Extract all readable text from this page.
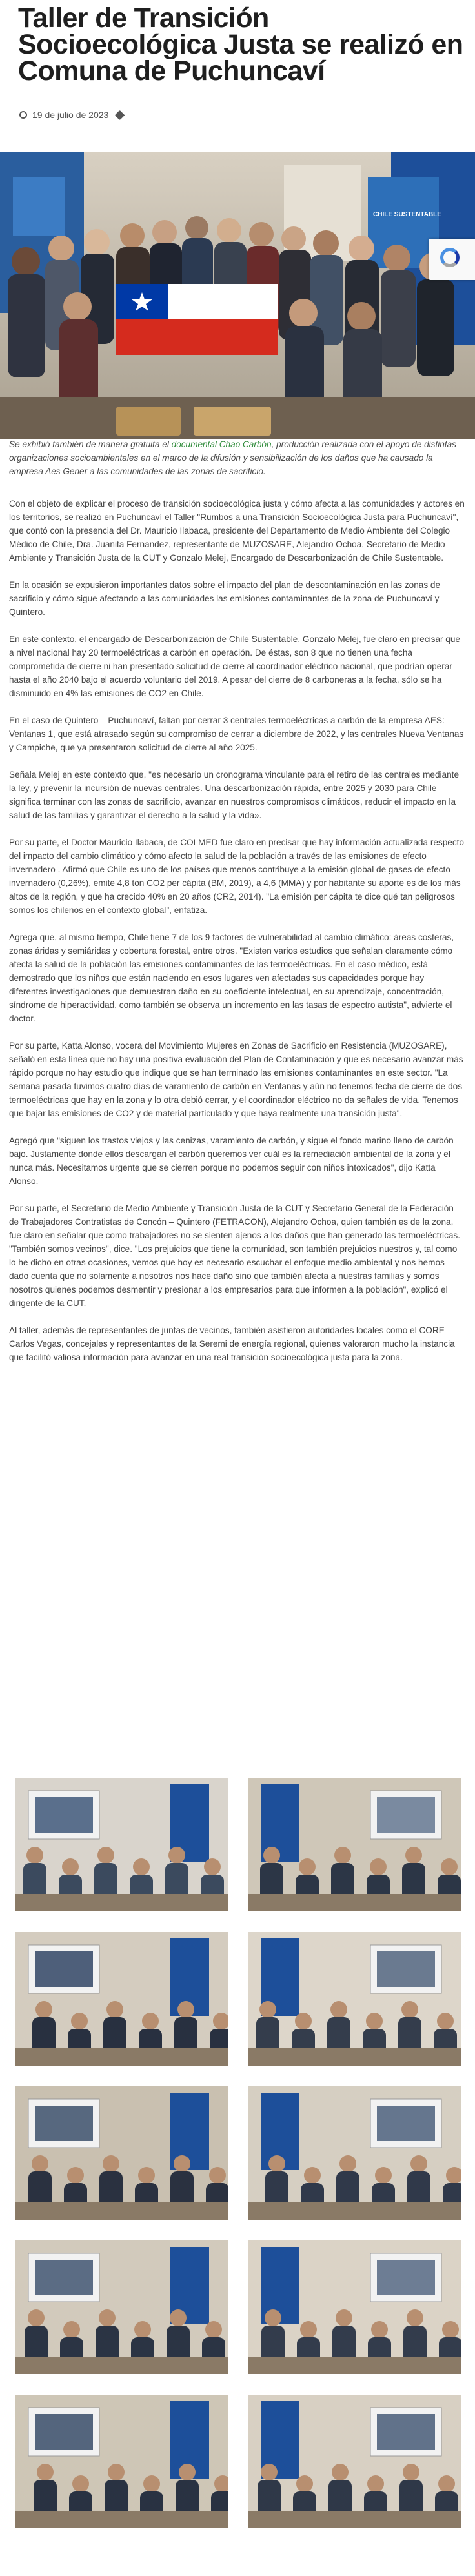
Taller de Transición Socioecológica Justa se realizó en Comuna de Puchuncaví
19 de julio de 2023
CHILE SUSTENTABLE

Se exhibió también de manera gratuita el documental Chao Carbón, producción realizada con el apoyo de distintas organizaciones socioambientales en el marco de la difusión y sensibilización de los daños que ha causado la empresa Aes Gener a las comunidades de las zonas de sacrificio.

Con el objeto de explicar el proceso de transición socioecológica justa y cómo afecta a las comunidades y actores en los territorios, se realizó en Puchuncaví el Taller "Rumbos a una Transición Socioecológica Justa para Puchuncaví", que contó con la presencia del Dr. Mauricio Ilabaca, presidente del Departamento de Medio Ambiente del Colegio Médico de Chile, Dra. Juanita Fernandez, representante de MUZOSARE, Alejandro Ochoa, Secretario de Medio Ambiente y Transición Justa de la CUT y Gonzalo Melej, Encargado de Descarbonización de Chile Sustentable.

En la ocasión se expusieron importantes datos sobre el impacto del plan de descontaminación en las zonas de sacrificio y cómo sigue afectando a las comunidades las emisiones contaminantes de la zona de Puchuncaví y Quintero.

En este contexto, el encargado de Descarbonización de Chile Sustentable, Gonzalo Melej, fue claro en precisar que a nivel nacional hay 20 termoeléctricas a carbón en operación. De éstas, son 8 que no tienen una fecha comprometida de cierre ni han presentado solicitud de cierre al coordinador eléctrico nacional, que podrían operar hasta el año 2040 bajo el acuerdo voluntario del 2019. A pesar del cierre de 8 carboneras a la fecha, sólo se ha disminuido en 4% las emisiones de CO2 en Chile.

En el caso de Quintero – Puchuncaví, faltan por cerrar 3 centrales termoeléctricas a carbón de la empresa AES: Ventanas 1, que está atrasado según su compromiso de cerrar a diciembre de 2022, y las centrales Nueva Ventanas y Campiche, que ya presentaron solicitud de cierre al año 2025.

Señala Melej en este contexto que, "es necesario un cronograma vinculante para el retiro de las centrales mediante la ley, y prevenir la incursión de nuevas centrales. Una descarbonización rápida, entre 2025 y 2030 para Chile significa terminar con las zonas de sacrificio, avanzar en nuestros compromisos climáticos, reducir el impacto en la salud de las familias y garantizar el derecho a la salud y la vida».

Por su parte, el Doctor Mauricio Ilabaca, de COLMED fue claro en precisar que hay información actualizada respecto del impacto del cambio climático y cómo afecto la salud de la población a través de las emisiones de efecto invernadero . Afirmó que Chile es uno de los países que menos contribuye a la emisión global de gases de efecto invernadero (0,26%), emite 4,8 ton CO2 per cápita (BM, 2019), a 4,6 (MMA) y por habitante su aporte es de los más altos de la región, y que ha crecido 40% en 20 años (CR2, 2014). "La emisión per cápita te dice qué tan peligrosos somos los chilenos en el contexto global", enfatiza.

Agrega que, al mismo tiempo, Chile tiene 7 de los 9 factores de vulnerabilidad al cambio climático: áreas costeras, zonas áridas y semiáridas y cobertura forestal, entre otros. "Existen varios estudios que señalan claramente cómo afecta la salud de la población las emisiones contaminantes de las termoeléctricas. En el caso médico, está demostrado que los niños que están naciendo en esos lugares ven afectadas sus capacidades porque hay diferentes investigaciones que demuestran daño en su coeficiente intelectual, en su aprendizaje, concentración, síndrome de hiperactividad, como también se observa un incremento en las tasas de espectro autista", advierte el doctor.

Por su parte, Katta Alonso, vocera del Movimiento Mujeres en Zonas de Sacrificio en Resistencia (MUZOSARE), señaló en esta línea que no hay una positiva evaluación del Plan de Contaminación y que es necesario avanzar más rápido porque no hay estudio que indique que se han terminado las emisiones contaminantes en este sector. "La semana pasada tuvimos cuatro días de varamiento de carbón en Ventanas y aún no tenemos fecha de cierre de dos termoeléctricas que hay en la zona y lo otra debió cerrar, y el coordinador eléctrico no da señales de vida. Tenemos que bajar las emisiones de CO2 y de material particulado y que haya realmente una transición justa".

Agregó que "siguen los trastos viejos y las cenizas, varamiento de carbón, y sigue el fondo marino lleno de carbón bajo. Justamente donde ellos descargan el carbón queremos ver cuál es la remediación ambiental de la zona y el nunca más. Necesitamos urgente que se cierren porque no podemos seguir con niños intoxicados", dijo Katta Alonso.

Por su parte, el Secretario de Medio Ambiente y Transición Justa de la CUT y Secretario General de la Federación de Trabajadores Contratistas de Concón – Quintero (FETRACON), Alejandro Ochoa, quien también es de la zona, fue claro en señalar que como trabajadores no se sienten ajenos a los daños que han generado las termoeléctricas. "También somos vecinos", dice. "Los prejuicios que tiene la comunidad, son también prejuicios nuestros y, tal como lo he dicho en otras ocasiones, vemos que hoy es necesario escuchar el enfoque medio ambiental y nos hemos dado cuenta que no solamente a nosotros nos hace daño sino que también afecta a nuestras familias y somos nosotros quienes podemos desmentir y presionar a los empresarios para que informen a la población", explicó el dirigente de la CUT.

Al taller, además de representantes de juntas de vecinos, también asistieron autoridades locales como el CORE Carlos Vegas, concejales y representantes de la Seremi de energía regional, quienes valoraron mucho la instancia que facilitó valiosa información para avanzar en una real transición socioecológica justa para la zona.
